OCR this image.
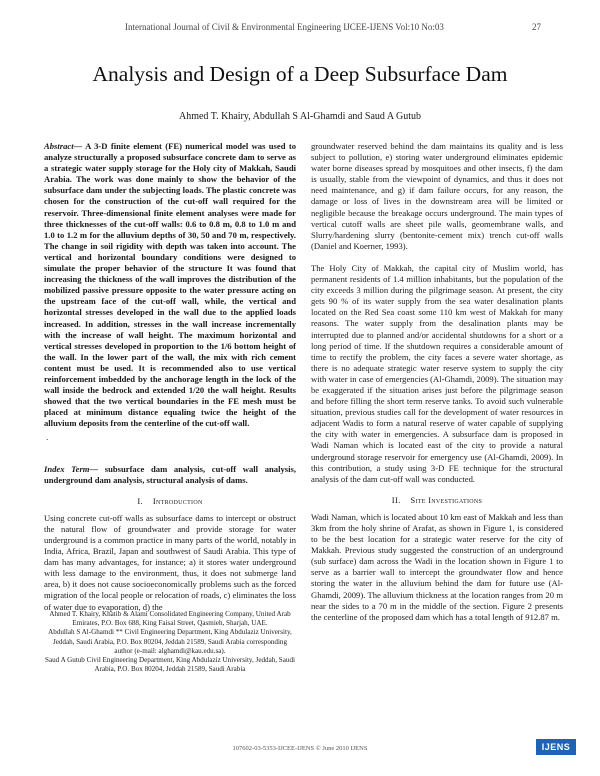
International Journal of Civil & Environmental Engineering IJCEE-IJENS Vol:10 No:03	27
Analysis and Design of a Deep Subsurface Dam
Ahmed T. Khairy, Abdullah S Al-Ghamdi and Saud A Gutub

Abstract— A 3-D finite element (FE) numerical model was used to analyze structurally a proposed subsurface concrete dam to serve as a strategic water supply storage for the Holy city of Makkah, Saudi Arabia. The work was done mainly to show the behavior of the subsurface dam under the subjecting loads. The plastic concrete was chosen for the construction of the cut-off wall required for the reservoir. Three-dimensional finite element analyses were made for three thicknesses of the cut-off walls: 0.6 to 0.8 m, 0.8 to 1.0 m and 1.0 to 1.2 m for the alluvium depths of 30, 50 and 70 m, respectively. The change in soil rigidity with depth was taken into account. The vertical and horizontal boundary conditions were designed to simulate the proper behavior of the structure It was found that increasing the thickness of the wall improves the distribution of the mobilized passive pressure opposite to the water pressure acting on the upstream face of the cut-off wall, while, the vertical and horizontal stresses developed in the wall due to the applied loads increased. In addition, stresses in the wall increase incrementally with the increase of wall height. The maximum horizontal and vertical stresses developed in proportion to the 1/6 bottom height of the wall. In the lower part of the wall, the mix with rich cement content must be used. It is recommended also to use vertical reinforcement imbedded by the anchorage length in the lock of the wall inside the bedrock and extended 1/20 the wall height. Results showed that the two vertical boundaries in the FE mesh must be placed at minimum distance equaling twice the height of the alluvium deposits from the centerline of the cut-off wall.

.

Index Term— subsurface dam analysis, cut-off wall analysis, underground dam analysis, structural analysis of dams.

I. Introduction

Using concrete cut-off walls as subsurface dams to intercept or obstruct the natural flow of groundwater and provide storage for water underground is a common practice in many parts of the world, notably in India, Africa, Brazil, Japan and southwest of Saudi Arabia. This type of dam has many advantages, for instance; a) it stores water underground with less damage to the environment, thus, it does not submerge land area, b) it does not cause socioeconomically problems such as the forced migration of the local people or relocation of roads, c) eliminates the loss of water due to evaporation, d) the

Ahmed T. Khairy, Khatib & Alami Consolidated Engineering Company, United Arab Emirates, P.O. Box 688, King Faisal Street, Qasmieh, Sharjah, UAE.

Abdullah S Al-Ghamdi ** Civil Engineering Department, King Abdulaziz University, Jeddah, Saudi Arabia, P.O. Box 80204, Jeddah 21589, Saudi Arabia corresponding author (e-mail: alghamdi@kau.edu.sa).

Saud A Gutub Civil Engineering Department, King Abdulaziz University, Jeddah, Saudi Arabia, P.O. Box 80204, Jeddah 21589, Saudi Arabia

groundwater reserved behind the dam maintains its quality and is less subject to pollution, e) storing water underground eliminates epidemic water borne diseases spread by mosquitoes and other insects, f) the dam is usually, stable from the viewpoint of dynamics, and thus it does not need maintenance, and g) if dam failure occurs, for any reason, the damage or loss of lives in the downstream area will be limited or negligible because the breakage occurs underground. The main types of vertical cutoff walls are sheet pile walls, geomembrane walls, and Slurry/hardening slurry (bentonite-cement mix) trench cut-off walls (Daniel and Koerner, 1993).

The Holy City of Makkah, the capital city of Muslim world, has permanent residents of 1.4 million inhabitants, but the population of the city exceeds 3 million during the pilgrimage season. At present, the city gets 90 % of its water supply from the sea water desalination plants located on the Red Sea coast some 110 km west of Makkah for many reasons. The water supply from the desalination plants may be interrupted due to planned and/or accidental shutdowns for a short or a long period of time. If the shutdown requires a considerable amount of time to rectify the problem, the city faces a severe water shortage, as there is no adequate strategic water reserve system to supply the city with water in case of emergencies (Al-Ghamdi, 2009). The situation may be exaggerated if the situation arises just before the pilgrimage season and before filling the short term reserve tanks. To avoid such vulnerable situation, previous studies call for the development of water resources in adjacent Wadis to form a natural reserve of water capable of supplying the city with water in emergencies. A subsurface dam is proposed in Wadi Naman which is located east of the city to provide a natural underground storage reservoir for emergency use (Al-Ghamdi, 2009). In this contribution, a study using 3-D FE technique for the structural analysis of the dam cut-off wall was conducted.

II. Site Investigations

Wadi Naman, which is located about 10 km east of Makkah and less than 3km from the holy shrine of Arafat, as shown in Figure 1, is considered to be the best location for a strategic water reserve for the city of Makkah. Previous study suggested the construction of an underground (sub surface) dam across the Wadi in the location shown in Figure 1 to serve as a barrier wall to intercept the groundwater flow and hence storing the water in the alluvium behind the dam for future use (Al-Ghamdi, 2009). The alluvium thickness at the location ranges from 20 m near the sides to a 70 m in the middle of the section. Figure 2 presents the centerline of the proposed dam which has a total length of 912.87 m.

107602-03-5353-IJCEE-IJENS © June 2010 IJENS	IJENS
